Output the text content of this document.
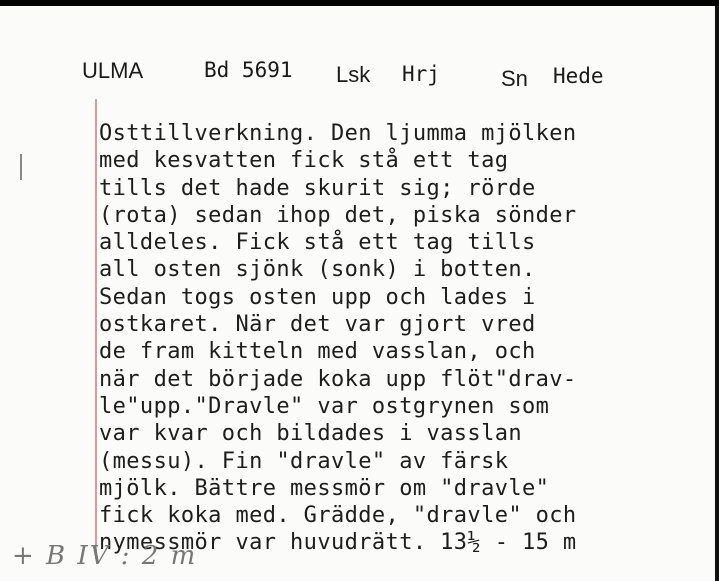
ULMA	Bd 5691 Lsk Hrj	Sn Hede
Osttillverkning. Den ljumma mjölken
med kesvatten fick stå ett tag
tills det hade skurit sig; rörde
(rota) sedan ihop det, piska sönder
alldeles. Fick stå ett tag tills
all osten sjönk (sonk) i botten.
Sedan togs osten upp och lades i
ostkaret. När det var gjort vred
de fram kitteln med vasslan, och
när det började koka upp flöt"drav-
le"upp."Dravle" var ostgrynen som
var kvar och bildades i vasslan
(messu). Fin "dravle" av färsk
mjölk. Bättre messmör om "dravle"
fick koka med. Grädde, "dravle" och
nymessmör var huvudrätt. 13½ - 15 m
+ B IV : 2 m
